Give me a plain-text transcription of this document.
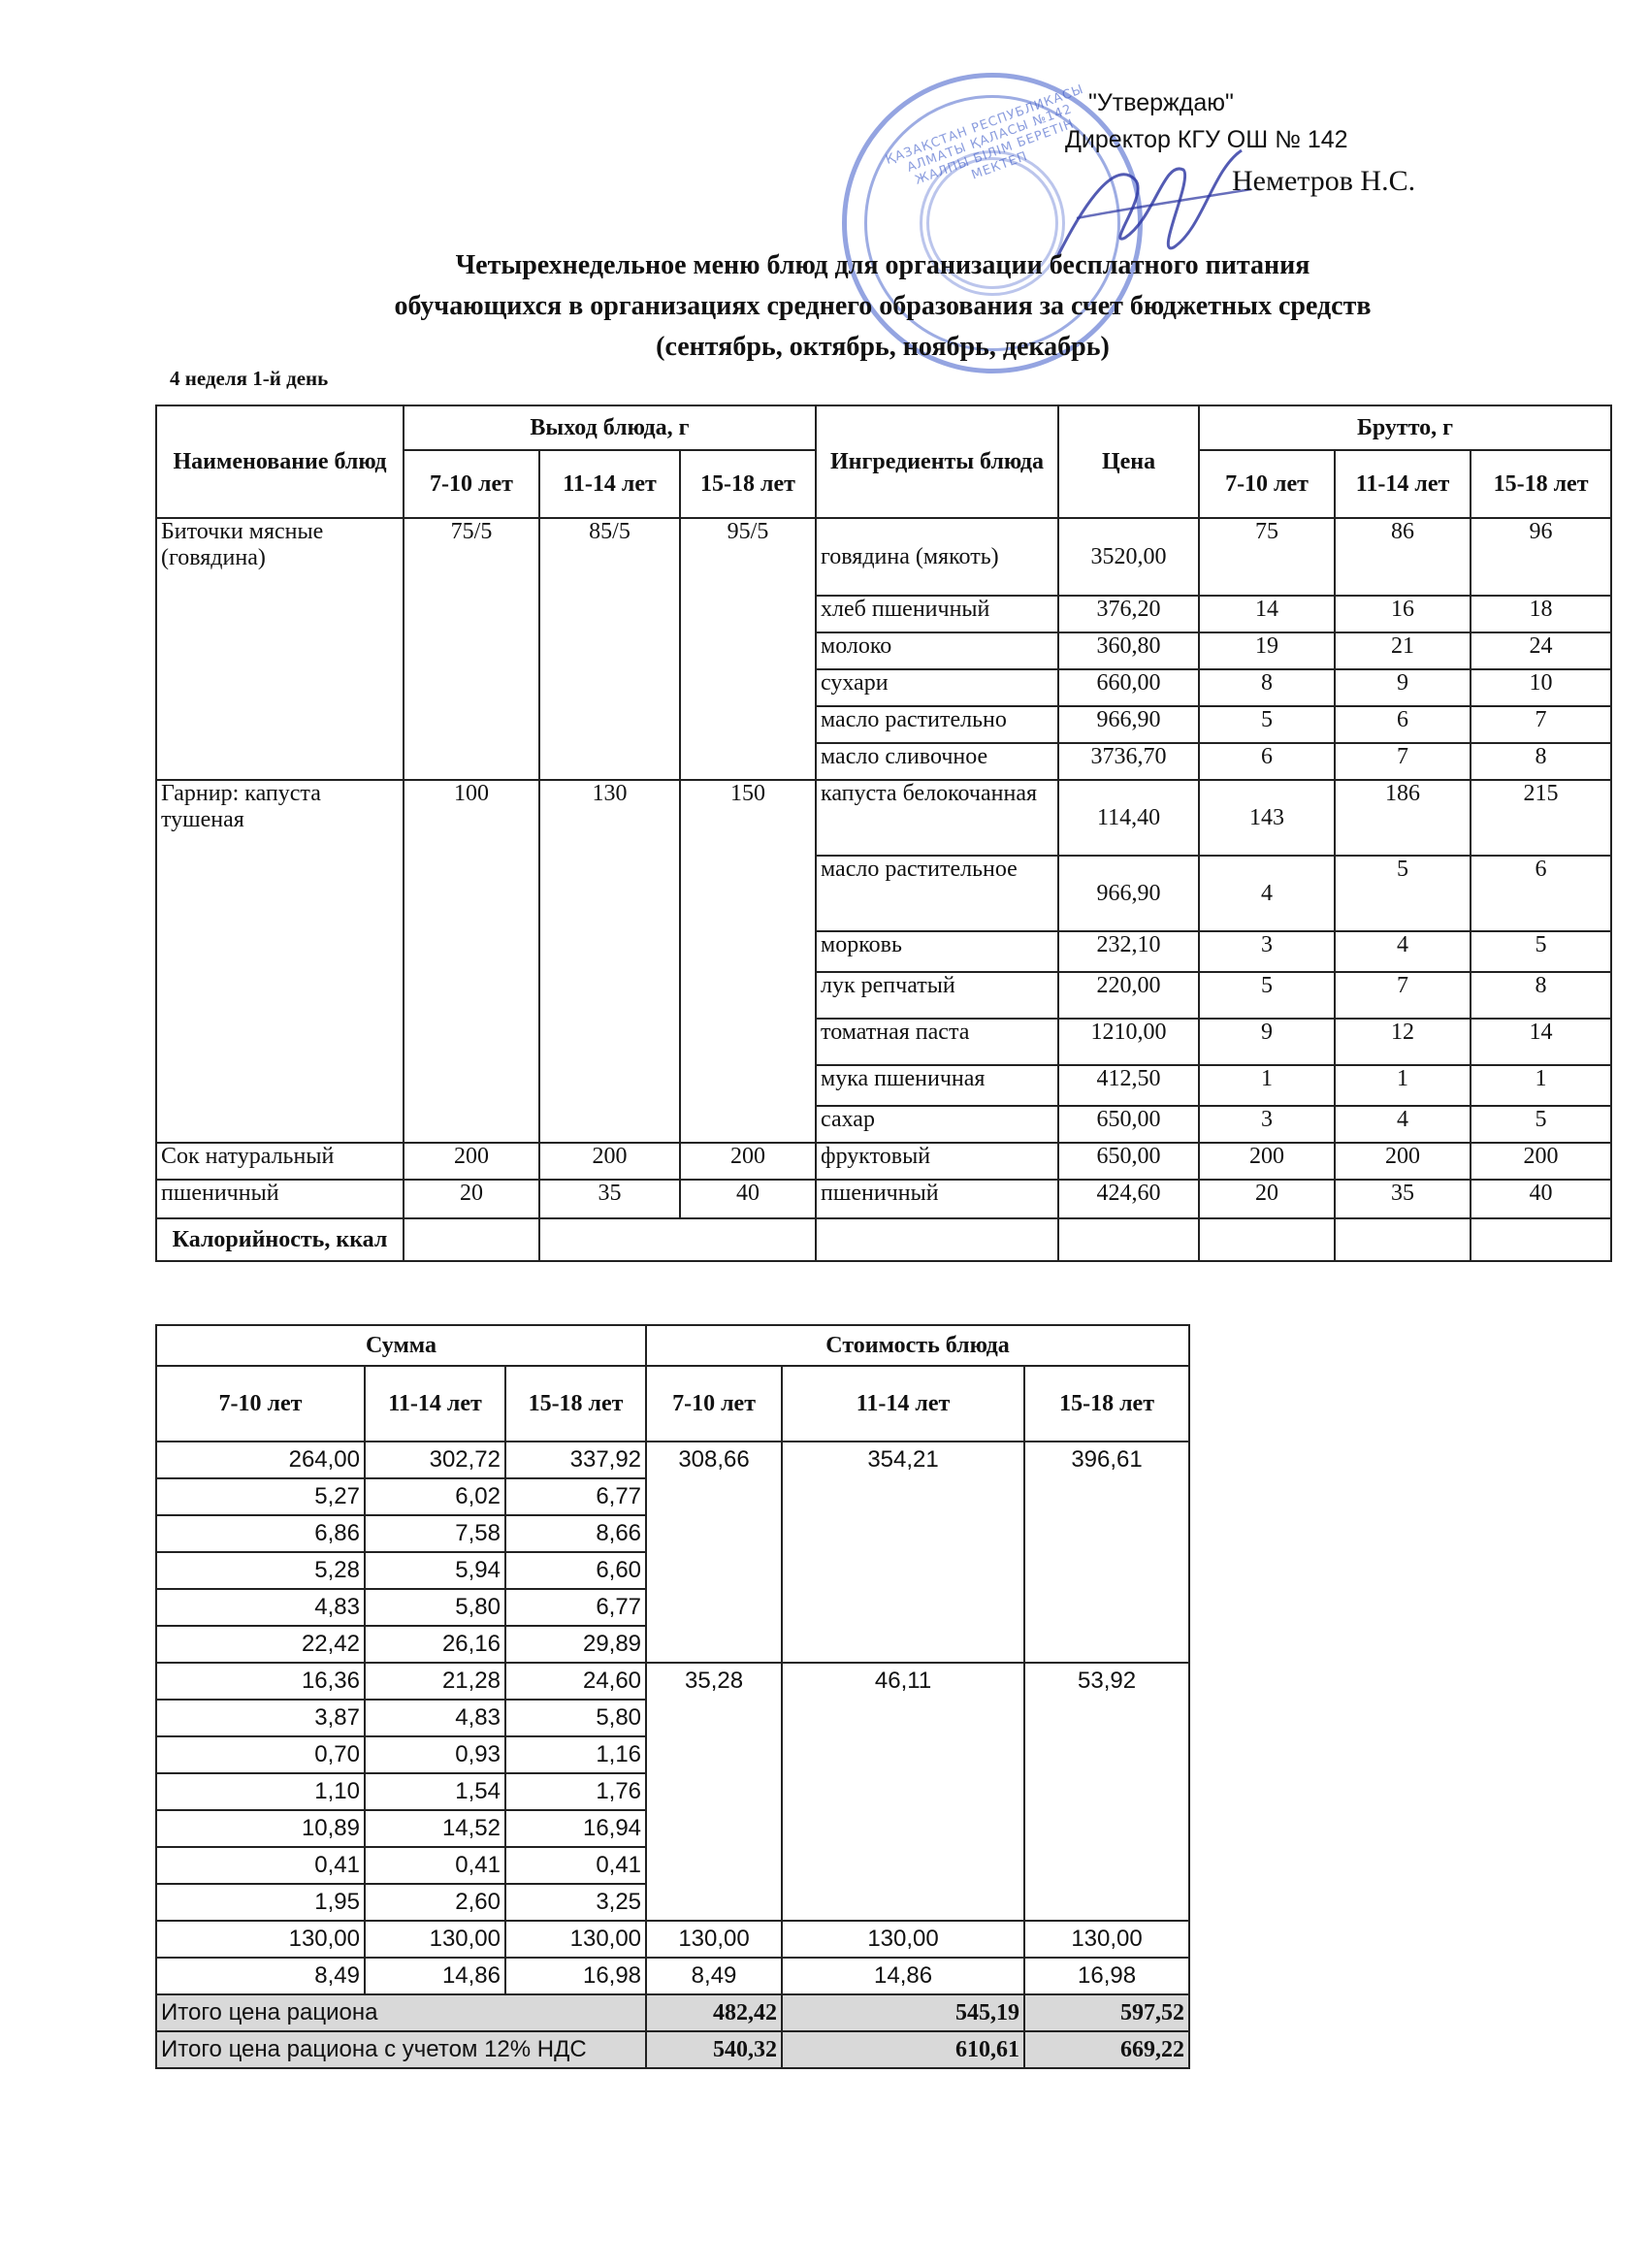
ҚАЗАҚСТАН РЕСПУБЛИКАСЫ АЛМАТЫ ҚАЛАСЫ №142 ЖАЛПЫ БІЛІМ БЕРЕТІН МЕКТЕП
"Утверждаю"
Директор КГУ ОШ № 142
Неметров Н.С.
Четырехнедельное меню блюд для организации бесплатного питания
обучающихся в организациях среднего образования за счет бюджетных средств
(сентябрь, октябрь, ноябрь, декабрь)
4 неделя 1-й день
Наименование блюд	Выход блюда, г			Ингредиенты блюда	Цена	Брутто, г		
	7-10 лет	11-14 лет	15-18 лет			7-10 лет	11-14 лет	15-18 лет
Биточки мясные (говядина)	75/5	85/5	95/5	говядина (мякоть)	3520,00	75	86	96
				хлеб пшеничный	376,20	14	16	18
				молоко	360,80	19	21	24
				сухари	660,00	8	9	10
				масло растительно	966,90	5	6	7
				масло сливочное	3736,70	6	7	8
Гарнир: капуста тушеная	100	130	150	капуста белокочанная	114,40	143	186	215
				масло растительное	966,90	4	5	6
				морковь	232,10	3	4	5
				лук репчатый	220,00	5	7	8
				томатная паста	1210,00	9	12	14
				мука пшеничная	412,50	1	1	1
				сахар	650,00	3	4	5
Сок натуральный	200	200	200	фруктовый	650,00	200	200	200
пшеничный	20	35	40	пшеничный	424,60	20	35	40
Калорийность, ккал								
Сумма			Стоимость блюда		
7-10 лет	11-14 лет	15-18 лет	7-10 лет	11-14 лет	15-18 лет
264,00	302,72	337,92	308,66	354,21	396,61
5,27	6,02	6,77			
6,86	7,58	8,66			
5,28	5,94	6,60			
4,83	5,80	6,77			
22,42	26,16	29,89			
16,36	21,28	24,60	35,28	46,11	53,92
3,87	4,83	5,80			
0,70	0,93	1,16			
1,10	1,54	1,76			
10,89	14,52	16,94			
0,41	0,41	0,41			
1,95	2,60	3,25			
130,00	130,00	130,00	130,00	130,00	130,00
8,49	14,86	16,98	8,49	14,86	16,98
Итого цена рациона			482,42	545,19	597,52
Итого цена рациона с учетом 12% НДС			540,32	610,61	669,22
